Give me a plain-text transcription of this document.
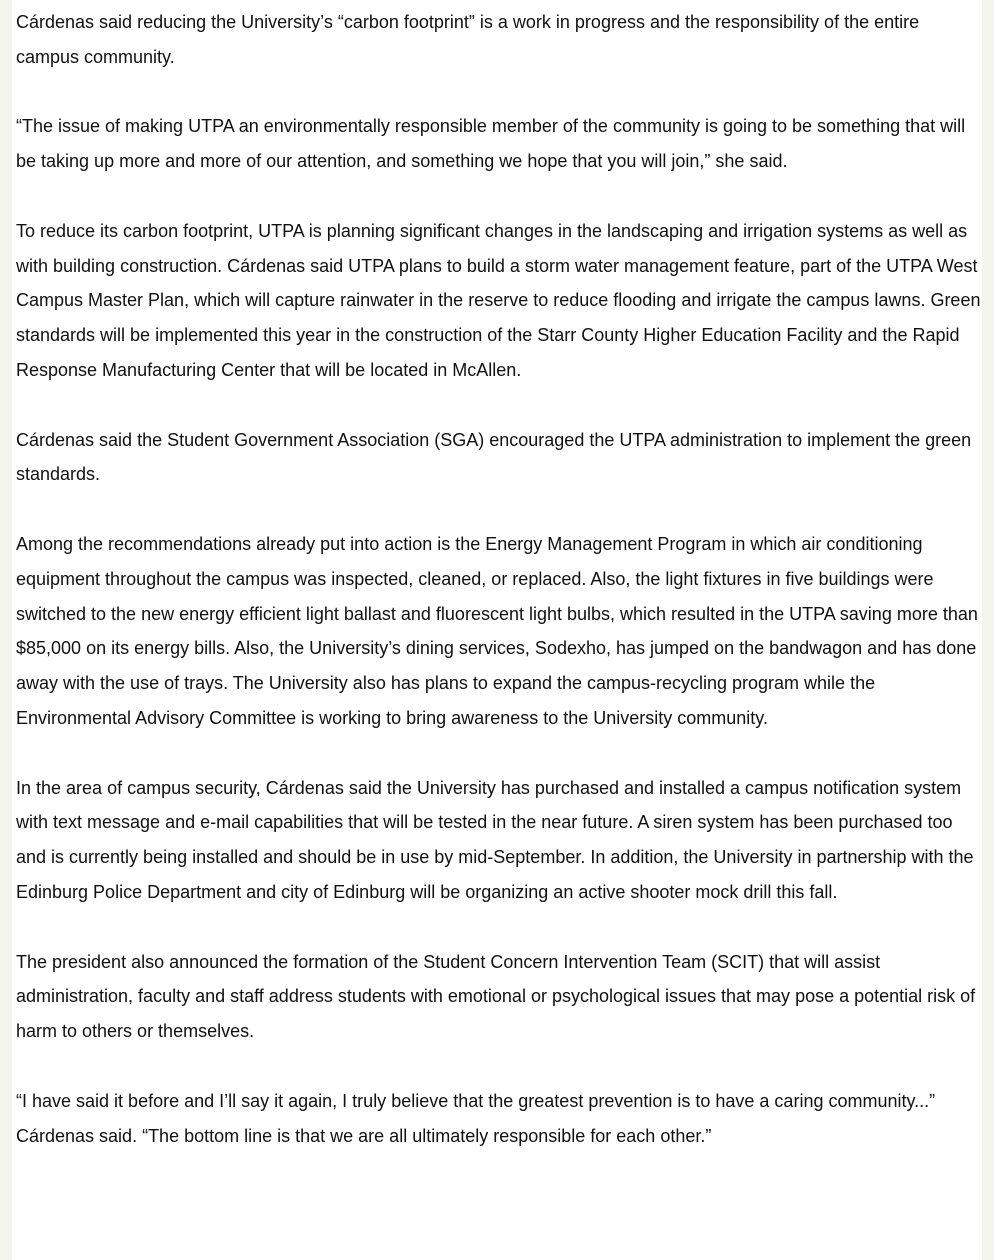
Cárdenas said reducing the University’s “carbon footprint” is a work in progress and the responsibility of the entire campus community.

“The issue of making UTPA an environmentally responsible member of the community is going to be something that will be taking up more and more of our attention, and something we hope that you will join,” she said.

To reduce its carbon footprint, UTPA is planning significant changes in the landscaping and irrigation systems as well as with building construction. Cárdenas said UTPA plans to build a storm water management feature, part of the UTPA West Campus Master Plan, which will capture rainwater in the reserve to reduce flooding and irrigate the campus lawns. Green standards will be implemented this year in the construction of the Starr County Higher Education Facility and the Rapid Response Manufacturing Center that will be located in McAllen.

Cárdenas said the Student Government Association (SGA) encouraged the UTPA administration to implement the green standards.

Among the recommendations already put into action is the Energy Management Program in which air conditioning equipment throughout the campus was inspected, cleaned, or replaced. Also, the light fixtures in five buildings were switched to the new energy efficient light ballast and fluorescent light bulbs, which resulted in the UTPA saving more than $85,000 on its energy bills. Also, the University’s dining services, Sodexho, has jumped on the bandwagon and has done away with the use of trays. The University also has plans to expand the campus-recycling program while the Environmental Advisory Committee is working to bring awareness to the University community.

In the area of campus security, Cárdenas said the University has purchased and installed a campus notification system with text message and e-mail capabilities that will be tested in the near future. A siren system has been purchased too and is currently being installed and should be in use by mid-September. In addition, the University in partnership with the Edinburg Police Department and city of Edinburg will be organizing an active shooter mock drill this fall.

The president also announced the formation of the Student Concern Intervention Team (SCIT) that will assist administration, faculty and staff address students with emotional or psychological issues that may pose a potential risk of harm to others or themselves.

“I have said it before and I’ll say it again, I truly believe that the greatest prevention is to have a caring community...” Cárdenas said. “The bottom line is that we are all ultimately responsible for each other.”
